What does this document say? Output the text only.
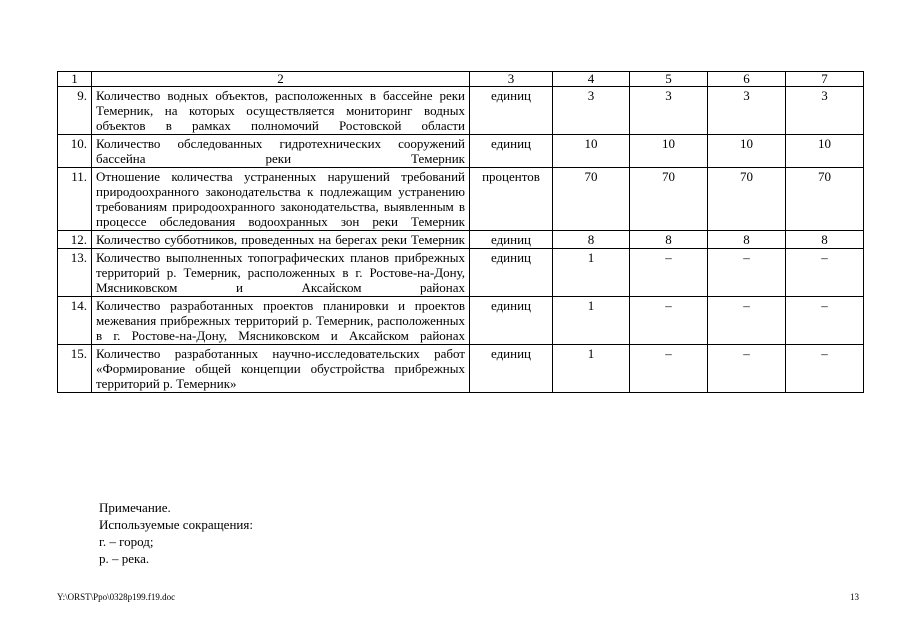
1	2	3	4	5	6	7
9.	Количество водных объектов, расположенных в бассейне реки Темерник, на которых осуществляется мониторинг водных объектов в рамках полномочий Ростовской области	единиц	3	3	3	3
10.	Количество обследованных гидротехнических сооружений бассейна реки Темерник	единиц	10	10	10	10
11.	Отношение количества устраненных нарушений требований природоохранного законодательства к подлежащим устранению требованиям природоохранного законодательства, выявленным в процессе обследования водоохранных зон реки Темерник	процентов	70	70	70	70
12.	Количество субботников, проведенных на берегах реки Темерник	единиц	8	8	8	8
13.	Количество выполненных топографических планов прибрежных территорий р. Темерник, расположенных в г. Ростове-на-Дону, Мясниковском и Аксайском районах	единиц	1	–	–	–
14.	Количество разработанных проектов планировки и проектов межевания прибрежных территорий р. Темерник, расположенных в г. Ростове-на-Дону, Мясниковском и Аксайском районах	единиц	1	–	–	–
15.	Количество разработанных научно-исследовательских работ «Формирование общей концепции обустройства прибрежных территорий р. Темерник»	единиц	1	–	–	–
Примечание.
Используемые сокращения:
г. – город;
р. – река.
Y:\ORST\Ppo\0328p199.f19.doc	13
